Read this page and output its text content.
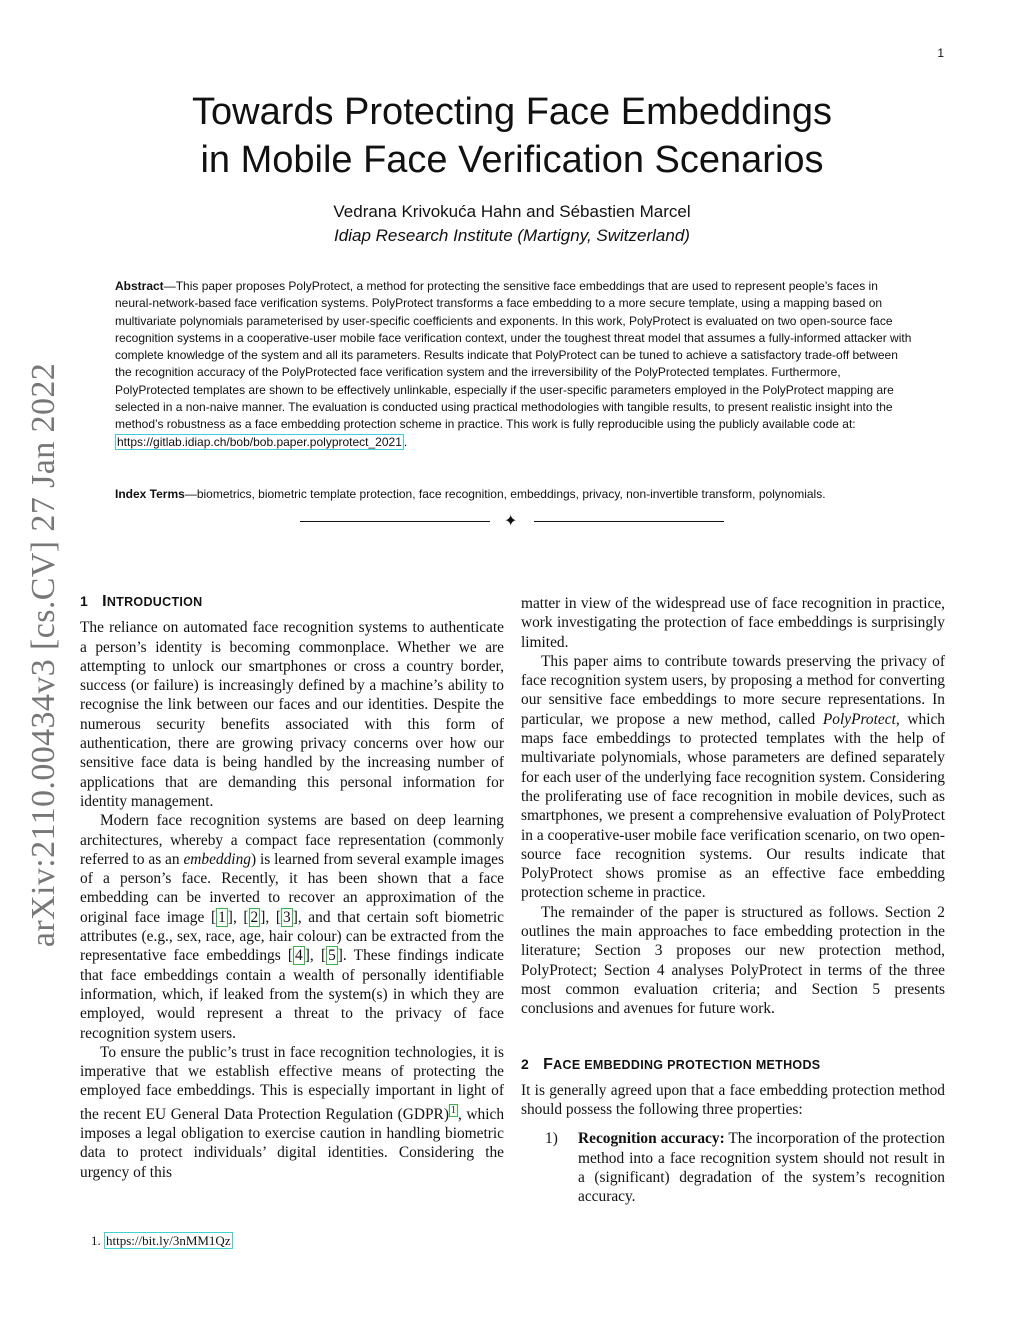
1
arXiv:2110.00434v3 [cs.CV] 27 Jan 2022
Towards Protecting Face Embeddings
in Mobile Face Verification Scenarios
Vedrana Krivokuća Hahn and Sébastien Marcel
Idiap Research Institute (Martigny, Switzerland)

Abstract—This paper proposes PolyProtect, a method for protecting the sensitive face embeddings that are used to represent people’s faces in neural-network-based face verification systems. PolyProtect transforms a face embedding to a more secure template, using a mapping based on multivariate polynomials parameterised by user-specific coefficients and exponents. In this work, PolyProtect is evaluated on two open-source face recognition systems in a cooperative-user mobile face verification context, under the toughest threat model that assumes a fully-informed attacker with complete knowledge of the system and all its parameters. Results indicate that PolyProtect can be tuned to achieve a satisfactory trade-off between the recognition accuracy of the PolyProtected face verification system and the irreversibility of the PolyProtected templates. Furthermore, PolyProtected templates are shown to be effectively unlinkable, especially if the user-specific parameters employed in the PolyProtect mapping are selected in a non-naive manner. The evaluation is conducted using practical methodologies with tangible results, to present realistic insight into the method’s robustness as a face embedding protection scheme in practice. This work is fully reproducible using the publicly available code at: https://gitlab.idiap.ch/bob/bob.paper.polyprotect_2021 .

Index Terms—biometrics, biometric template protection, face recognition, embeddings, privacy, non-invertible transform, polynomials.

✦
1 INTRODUCTION

The reliance on automated face recognition systems to authenticate a person’s identity is becoming commonplace. Whether we are attempting to unlock our smartphones or cross a country border, success (or failure) is increasingly defined by a machine’s ability to recognise the link between our faces and our identities. Despite the numerous security benefits associated with this form of authentication, there are growing privacy concerns over how our sensitive face data is being handled by the increasing number of applications that are demanding this personal information for identity management.

Modern face recognition systems are based on deep learning architectures, whereby a compact face representation (commonly referred to as an embedding) is learned from several example images of a person’s face. Recently, it has been shown that a face embedding can be inverted to recover an approximation of the original face image [ 1 ], [ 2 ], [ 3 ], and that certain soft biometric attributes (e.g., sex, race, age, hair colour) can be extracted from the representative face embeddings [ 4 ], [ 5 ]. These findings indicate that face embeddings contain a wealth of personally identifiable information, which, if leaked from the system(s) in which they are employed, would represent a threat to the privacy of face recognition system users.

To ensure the public’s trust in face recognition technologies, it is imperative that we establish effective means of protecting the employed face embeddings. This is especially important in light of the recent EU General Data Protection Regulation (GDPR) $^1$ , which imposes a legal obligation to exercise caution in handling biometric data to protect individuals’ digital identities. Considering the urgency of this

matter in view of the widespread use of face recognition in practice, work investigating the protection of face embeddings is surprisingly limited.

This paper aims to contribute towards preserving the privacy of face recognition system users, by proposing a method for converting our sensitive face embeddings to more secure representations. In particular, we propose a new method, called PolyProtect, which maps face embeddings to protected templates with the help of multivariate polynomials, whose parameters are defined separately for each user of the underlying face recognition system. Considering the proliferating use of face recognition in mobile devices, such as smartphones, we present a comprehensive evaluation of PolyProtect in a cooperative-user mobile face verification scenario, on two open-source face recognition systems. Our results indicate that PolyProtect shows promise as an effective face embedding protection scheme in practice.

The remainder of the paper is structured as follows. Section 2 outlines the main approaches to face embedding protection in the literature; Section 3 proposes our new protection method, PolyProtect; Section 4 analyses PolyProtect in terms of the three most common evaluation criteria; and Section 5 presents conclusions and avenues for future work.

2 FACE EMBEDDING PROTECTION METHODS

It is generally agreed upon that a face embedding protection method should possess the following three properties:

1) Recognition accuracy: The incorporation of the protection method into a face recognition system should not result in a (significant) degradation of the system’s recognition accuracy.
1. https://bit.ly/3nMM1Qz
